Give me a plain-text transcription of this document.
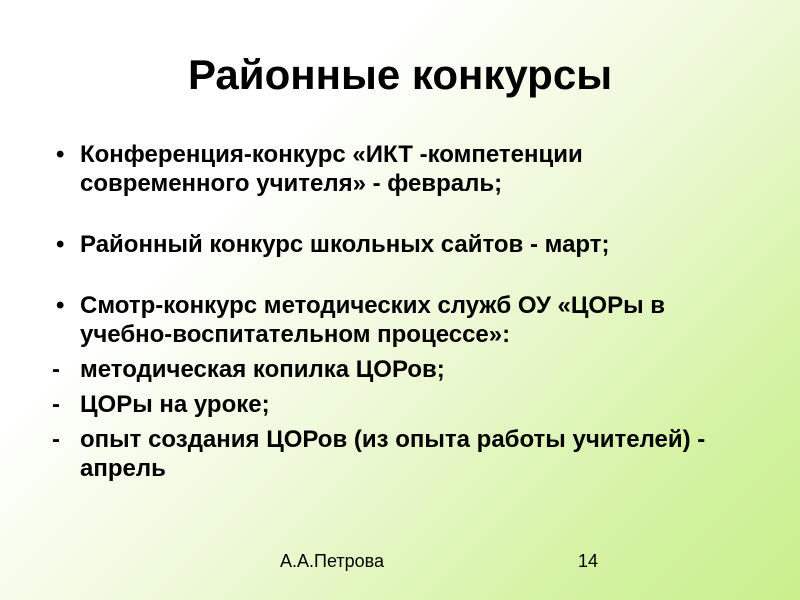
Районные конкурсы
• Конференция-конкурс «ИКТ -компетенции современного учителя» - февраль;
• Районный конкурс школьных сайтов - март;
• Смотр-конкурс методических служб ОУ «ЦОРы в учебно-воспитательном процессе»:
- методическая копилка ЦОРов;
- ЦОРы на уроке;
- опыт создания ЦОРов (из опыта работы учителей) - апрель
А.А.Петрова	14
